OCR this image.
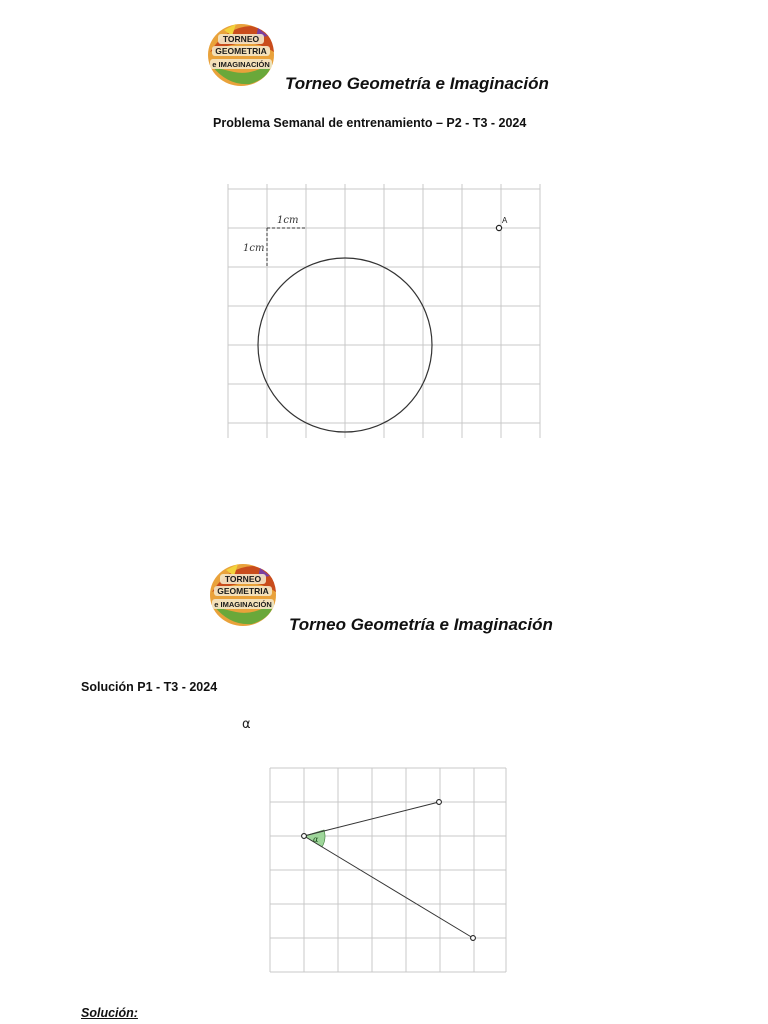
TORNEO
GEOMETRIA
e IMAGINACIÓN
Torneo Geometría e Imaginación
Problema Semanal de entrenamiento – P2 - T3 - 2024
1cm
1cm
A
TORNEO
GEOMETRIA
e IMAGINACIÓN
Torneo Geometría e Imaginación
Solución P1 - T3 - 2024
α
α
Solución:
